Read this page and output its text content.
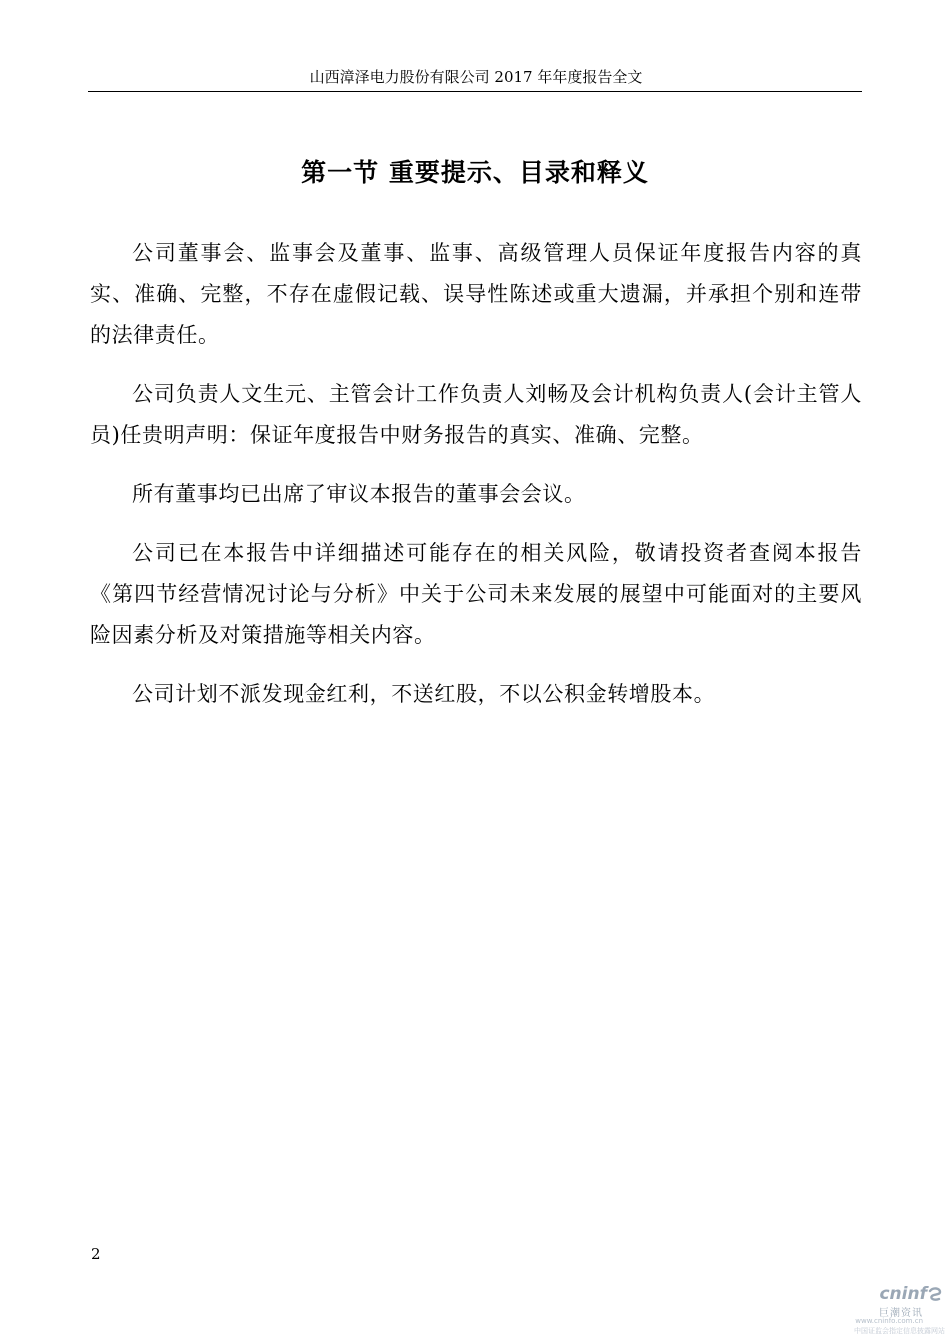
山西漳泽电力股份有限公司 2017 年年度报告全文
第一节 重要提示、目录和释义

公司董事会、监事会及董事、监事、高级管理人员保证年度报告内容的真实、准确、完整，不存在虚假记载、误导性陈述或重大遗漏，并承担个别和连带的法律责任。

公司负责人文生元、主管会计工作负责人刘畅及会计机构负责人(会计主管人员)任贵明声明：保证年度报告中财务报告的真实、准确、完整。

所有董事均已出席了审议本报告的董事会会议。

公司已在本报告中详细描述可能存在的相关风险，敬请投资者查阅本报告《第四节经营情况讨论与分析》中关于公司未来发展的展望中可能面对的主要风险因素分析及对策措施等相关内容。

公司计划不派发现金红利，不送红股，不以公积金转增股本。

2
cninf
巨潮资讯
www.cninfo.com.cn
中国证监会指定信息披露网站
